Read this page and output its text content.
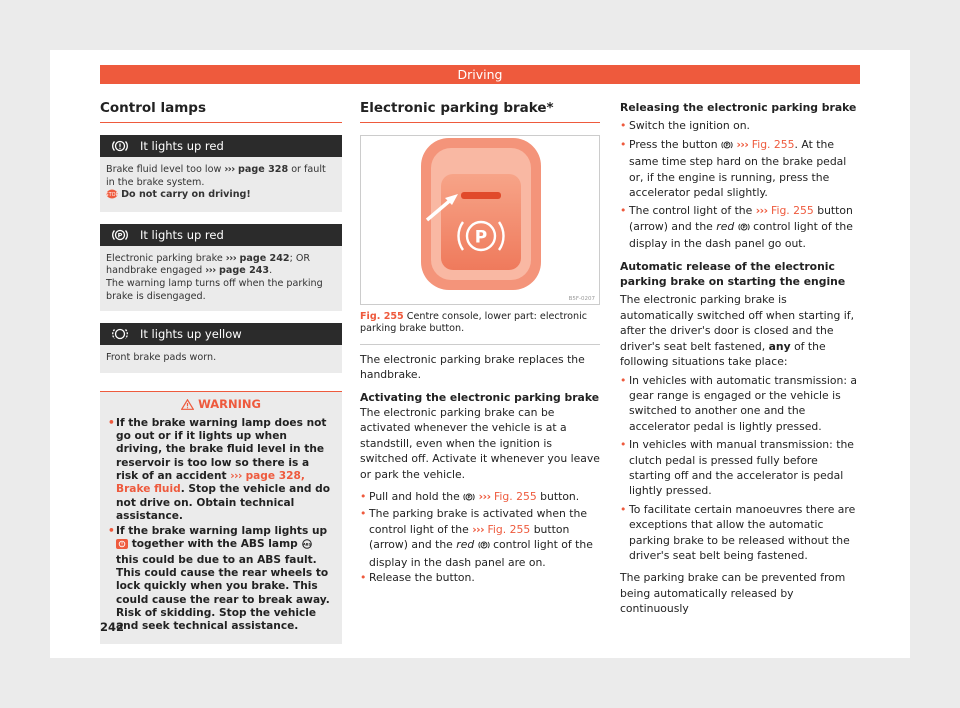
Driving
Control lamps
It lights up red
Brake fluid level too low ››› page 328 or fault in the brake system.

STOP Do not carry on driving!
P It lights up red
Electronic parking brake ››› page 242; OR handbrake engaged ››› page 243.
The warning lamp turns off when the parking brake is disengaged.
It lights up yellow
Front brake pads worn.
WARNING
• If the brake warning lamp does not go out or if it lights up when driving, the brake fluid level in the reservoir is too low so there is a risk of an accident ››› page 328, Brake fluid. Stop the vehicle and do not drive on. Obtain technical assistance.
• If the brake warning lamp lights up
! together with the ABS lamp ABS
this could be due to an ABS fault. This could cause the rear wheels to lock quickly when you brake. This could cause the rear to break away. Risk of skidding. Stop the vehicle and seek technical assistance.
242
Electronic parking brake*
P
B5F-0207
Fig. 255 Centre console, lower part: electronic parking brake button.

The electronic parking brake replaces the handbrake.

Activating the electronic parking brake

The electronic parking brake can be activated whenever the vehicle is at a standstill, even when the ignition is switched off. Activate it whenever you leave or park the vehicle.

• Pull and hold the P ››› Fig. 255 button.

• The parking brake is activated when the control light of the ››› Fig. 255 button (arrow) and the red P control light of the display in the dash panel are on.

• Release the button.

Releasing the electronic parking brake

• Switch the ignition on.

• Press the button P ››› Fig. 255. At the same time step hard on the brake pedal or, if the engine is running, press the accelerator pedal slightly.

• The control light of the ››› Fig. 255 button (arrow) and the red P control light of the display in the dash panel go out.

Automatic release of the electronic parking brake on starting the engine

The electronic parking brake is automatically switched off when starting if, after the driver's door is closed and the driver's seat belt fastened, any of the following situations take place:

• In vehicles with automatic transmission: a gear range is engaged or the vehicle is switched to another one and the accelerator pedal is lightly pressed.

• In vehicles with manual transmission: the clutch pedal is pressed fully before starting off and the accelerator is pedal lightly pressed.

• To facilitate certain manoeuvres there are exceptions that allow the automatic parking brake to be released without the driver's seat belt being fastened.

The parking brake can be prevented from being automatically released by continuously
